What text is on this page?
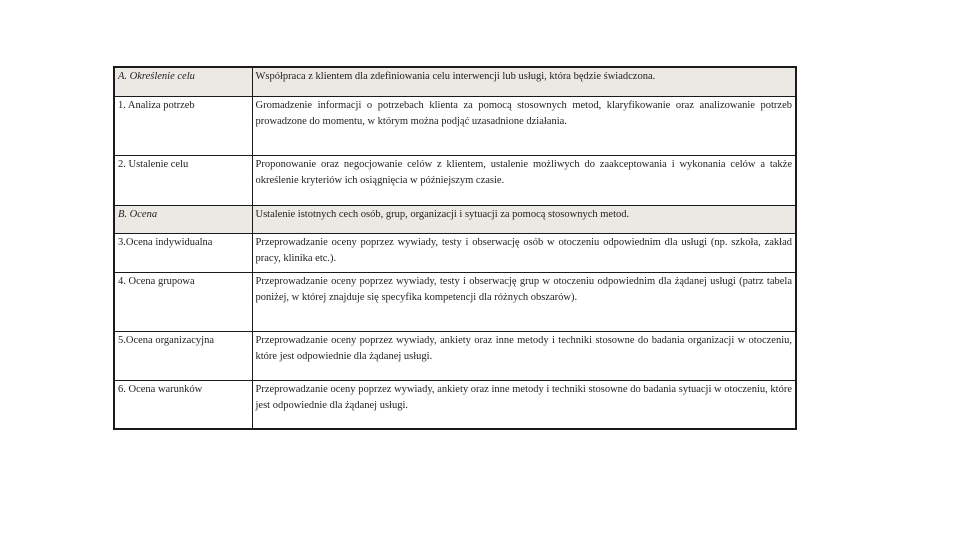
A. Określenie celu	Współpraca z klientem dla zdefiniowania celu interwencji lub usługi, która będzie świadczona.
1. Analiza potrzeb	Gromadzenie informacji o potrzebach klienta za pomocą stosownych metod, klaryfikowanie oraz analizowanie potrzeb prowadzone do momentu, w którym można podjąć uzasadnione działania.
2. Ustalenie celu	Proponowanie oraz negocjowanie celów z klientem, ustalenie możliwych do zaakceptowania i wykonania celów a także określenie kryteriów ich osiągnięcia w późniejszym czasie.
B. Ocena	Ustalenie istotnych cech osób, grup, organizacji i sytuacji za pomocą stosownych metod.
3.Ocena indywidualna	Przeprowadzanie oceny poprzez wywiady, testy i obserwację osób w otoczeniu odpowiednim dla usługi (np. szkoła, zakład pracy, klinika etc.).
4. Ocena grupowa	Przeprowadzanie oceny poprzez wywiady, testy i obserwację grup w otoczeniu odpowiednim dla żądanej usługi (patrz tabela poniżej, w której znajduje się specyfika kompetencji dla różnych obszarów).
5.Ocena organizacyjna	Przeprowadzanie oceny poprzez wywiady, ankiety oraz inne metody i techniki stosowne do badania organizacji w otoczeniu, które jest odpowiednie dla żądanej usługi.
6. Ocena warunków	Przeprowadzanie oceny poprzez wywiady, ankiety oraz inne metody i techniki stosowne do badania sytuacji w otoczeniu, które jest odpowiednie dla żądanej usługi.
